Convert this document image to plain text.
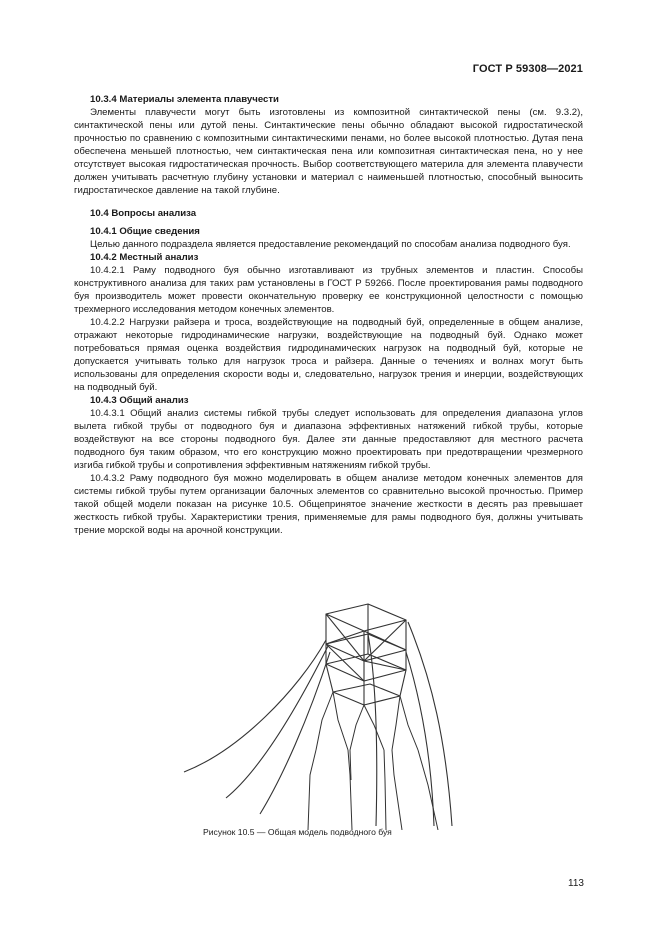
ГОСТ Р 59308—2021
10.3.4 Материалы элемента плавучести

Элементы плавучести могут быть изготовлены из композитной синтактической пены (см. 9.3.2), синтактической пены или дутой пены. Синтактические пены обычно обладают высокой гидростатической прочностью по сравнению с композитными синтактическими пенами, но более высокой плотностью. Дутая пена обеспечена меньшей плотностью, чем синтактическая пена или композитная синтактическая пена, но у нее отсутствует высокая гидростатическая прочность. Выбор соответствующего материла для элемента плавучести должен учитывать расчетную глубину установки и материал с наименьшей плотностью, способный выносить гидростатическое давление на такой глубине.

10.4 Вопросы анализа
10.4.1 Общие сведения

Целью данного подраздела является предоставление рекомендаций по способам анализа подводного буя.

10.4.2 Местный анализ

10.4.2.1 Раму подводного буя обычно изготавливают из трубных элементов и пластин. Способы конструктивного анализа для таких рам установлены в ГОСТ Р 59266. После проектирования рамы подводного буя производитель может провести окончательную проверку ее конструкционной целостности с помощью трехмерного исследования методом конечных элементов.

10.4.2.2 Нагрузки райзера и троса, воздействующие на подводный буй, определенные в общем анализе, отражают некоторые гидродинамические нагрузки, воздействующие на подводный буй. Однако может потребоваться прямая оценка воздействия гидродинамических нагрузок на подводный буй, которые не допускается учитывать только для нагрузок троса и райзера. Данные о течениях и волнах могут быть использованы для определения скорости воды и, следовательно, нагрузок трения и инерции, воздействующих на подводный буй.

10.4.3 Общий анализ

10.4.3.1 Общий анализ системы гибкой трубы следует использовать для определения диапазона углов вылета гибкой трубы от подводного буя и диапазона эффективных натяжений гибкой трубы, которые воздействуют на все стороны подводного буя. Далее эти данные предоставляют для местного расчета подводного буя таким образом, что его конструкцию можно проектировать при предотвращении чрезмерного изгиба гибкой трубы и сопротивления эффективным натяжениям гибкой трубы.

10.4.3.2 Раму подводного буя можно моделировать в общем анализе методом конечных элементов для системы гибкой трубы путем организации балочных элементов со сравнительно высокой прочностью. Пример такой общей модели показан на рисунке 10.5. Общепринятое значение жесткости в десять раз превышает жесткость гибкой трубы. Характеристики трения, применяемые для рамы подводного буя, должны учитывать трение морской воды на арочной конструкции.

Рисунок 10.5 — Общая модель подводного буя
113
